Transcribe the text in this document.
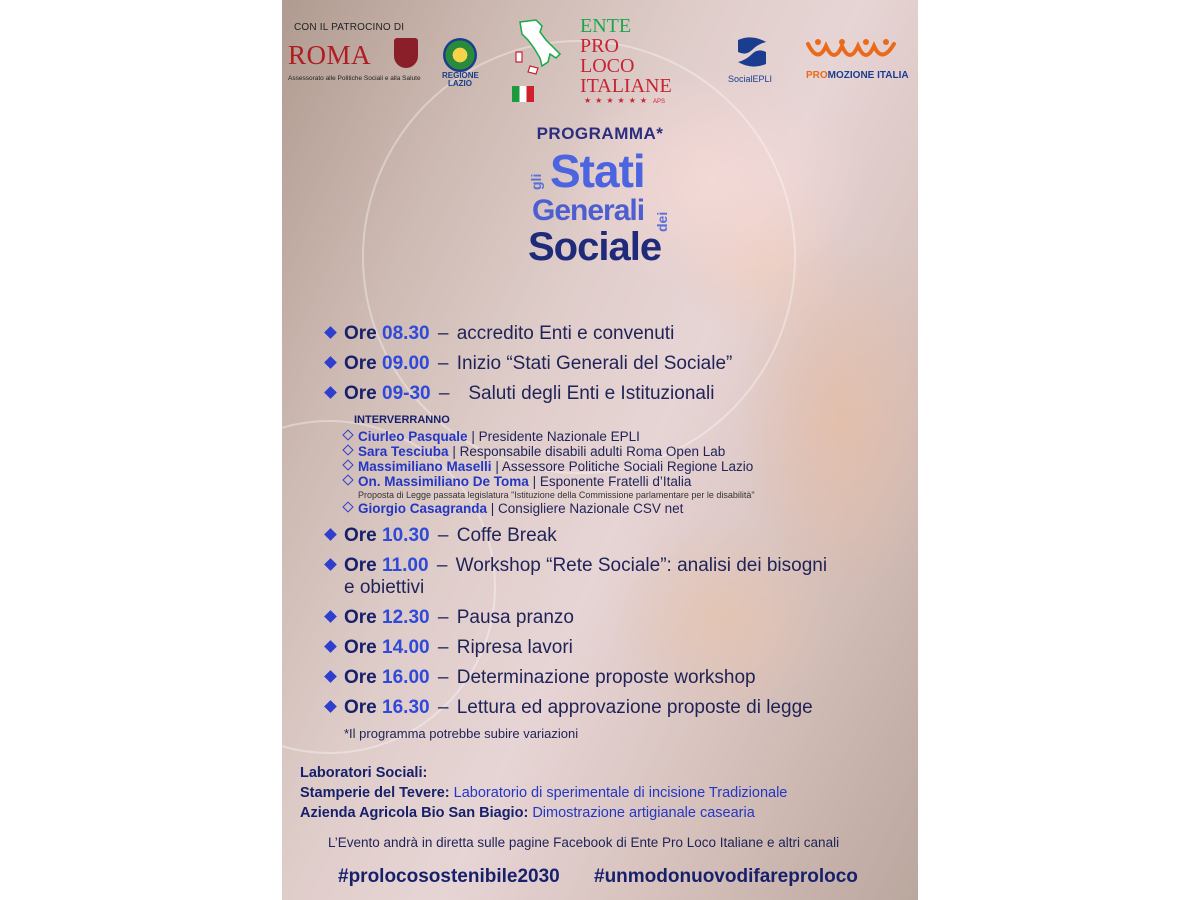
CON IL PATROCINO DI
ROMA
Assessorato alle Politiche Sociali e alla Salute	REGIONE LAZIO
ENTE
PRO
LOCO
ITALIANE
★★★★★★ APS
SocialEPLI	PROMOZIONE ITALIA
PROGRAMMA*
gli Stati
Generali dei
Sociale
Ore 08.30 – accredito Enti e convenuti
Ore 09.00 – Inizio “Stati Generali del Sociale”
Ore 09-30 – Saluti degli Enti e Istituzionali
INTERVERRANNO
Ciurleo Pasquale | Presidente Nazionale EPLI
Sara Tesciuba | Responsabile disabili adulti Roma Open Lab
Massimiliano Maselli | Assessore Politiche Sociali Regione Lazio
On. Massimiliano De Toma | Esponente Fratelli d’Italia
Proposta di Legge passata legislatura "Istituzione della Commissione parlamentare per le disabilità"
Giorgio Casagranda | Consigliere Nazionale CSV net
Ore 10.30 – Coffe Break
Ore 11.00 – Workshop “Rete Sociale”: analisi dei bisogni
e obiettivi
Ore 12.30 – Pausa pranzo
Ore 14.00 – Ripresa lavori
Ore 16.00 – Determinazione proposte workshop
Ore 16.30 – Lettura ed approvazione proposte di legge
*Il programma potrebbe subire variazioni
Laboratori Sociali:
Stamperie del Tevere: Laboratorio di sperimentale di incisione Tradizionale
Azienda Agricola Bio San Biagio: Dimostrazione artigianale casearia
L’Evento andrà in diretta sulle pagine Facebook di Ente Pro Loco Italiane e altri canali
#prolocosostenibile2030 #unmodonuovodifareproloco
